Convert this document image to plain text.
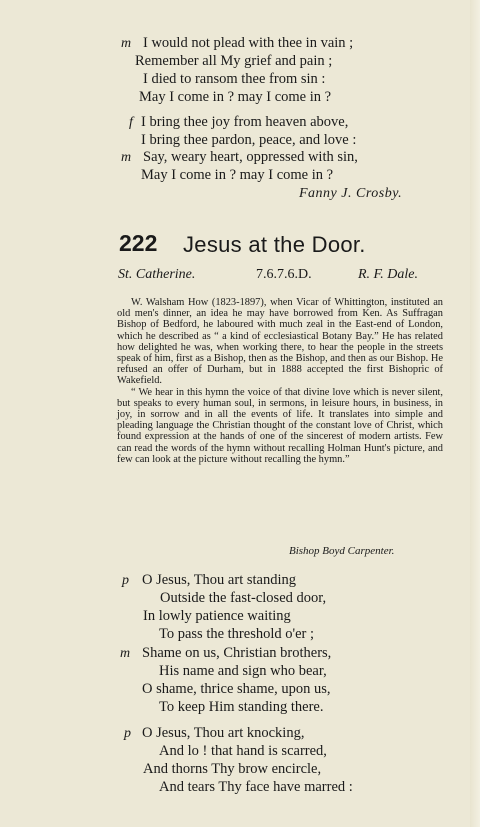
m I would not plead with thee in vain ;
Remember all My grief and pain ;
I died to ransom thee from sin :
May I come in ? may I come in ?
f I bring thee joy from heaven above,
I bring thee pardon, peace, and love :
m Say, weary heart, oppressed with sin,
May I come in ? may I come in ?
Fanny J. Crosby.
222 Jesus at the Door.
St. Catherine.	7.6.7.6.D.	R. F. Dale.

W. Walsham How (1823-1897), when Vicar of Whittington, instituted an old men's dinner, an idea he may have borrowed from Ken. As Suffragan Bishop of Bedford, he laboured with much zeal in the East-end of London, which he described as “ a kind of ecclesiastical Botany Bay.” He has related how delighted he was, when working there, to hear the people in the streets speak of him, first as a Bishop, then as the Bishop, and then as our Bishop. He refused an offer of Durham, but in 1888 accepted the first Bishopric of Wakefield.

“ We hear in this hymn the voice of that divine love which is never silent, but speaks to every human soul, in sermons, in leisure hours, in business, in joy, in sorrow and in all the events of life. It translates into simple and pleading language the Christian thought of the constant love of Christ, which found expression at the hands of one of the sincerest of modern artists. Few can read the words of the hymn without recalling Holman Hunt's picture, and few can look at the picture without recalling the hymn.”

Bishop Boyd Carpenter.
p O Jesus, Thou art standing
Outside the fast-closed door,
In lowly patience waiting
To pass the threshold o'er ;
m Shame on us, Christian brothers,
His name and sign who bear,
O shame, thrice shame, upon us,
To keep Him standing there.
p O Jesus, Thou art knocking,
And lo ! that hand is scarred,
And thorns Thy brow encircle,
And tears Thy face have marred :
